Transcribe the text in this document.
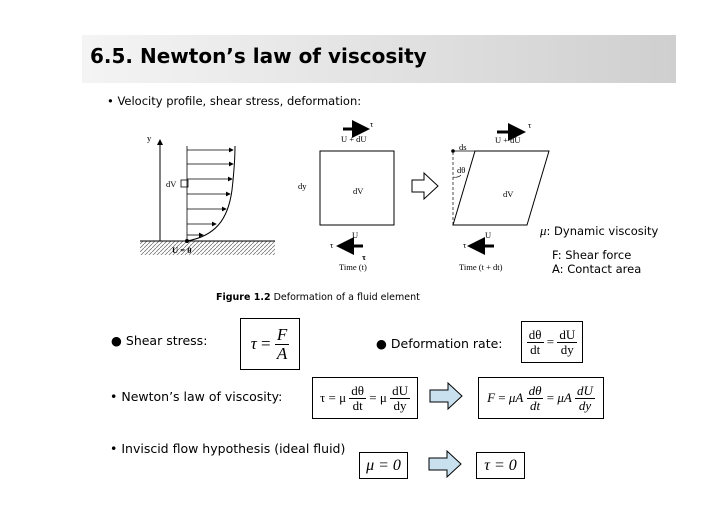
6.5. Newton’s law of viscosity
• Velocity profile, shear stress, deformation:
y
dV
U = 0
τ
U + dU
dy	dV
U
τ
τ
Time (t)
τ
U + dU
ds
dθ
dV
U
τ
Time (t + dt)
μ: Dynamic viscosity
F: Shear force
A: Contact area
Figure 1.2 Deformation of a fluid element
● Shear stress:	τ
=
$\frac{F}{A}$	● Deformation rate: $\frac{d\theta}{dt}$
=
$\frac{dU}{dy}$
• Newton’s law of viscosity:	τ
=
μ
$\frac{d\theta}{dt}$
=
μ
$\frac{dU}{dy}$	F
=
μA
$\frac{d\theta}{dt}$
=
μA
$\frac{dU}{dy}$
• Inviscid flow hypothesis (ideal fluid)
μ = 0	τ = 0
